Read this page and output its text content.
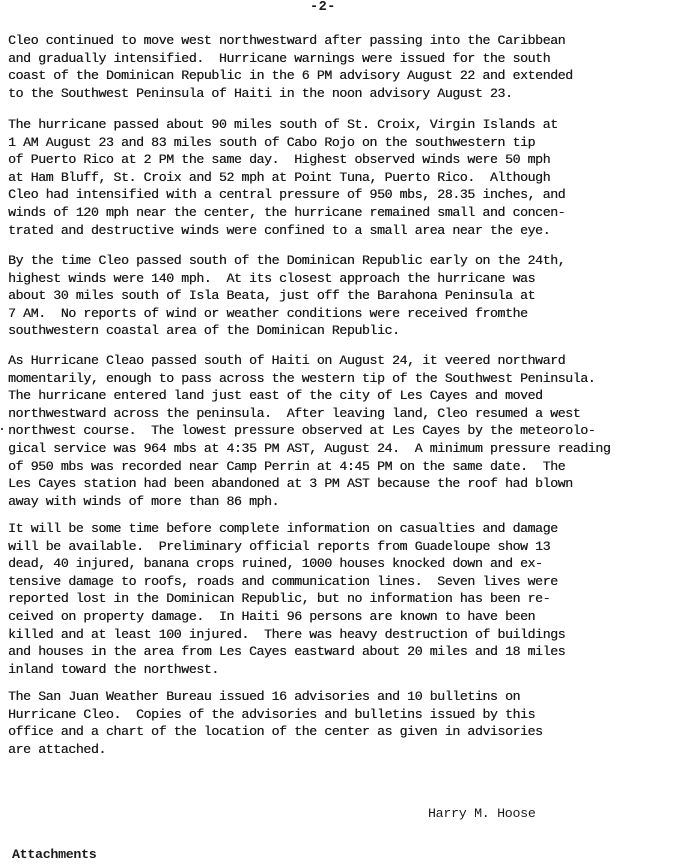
-2-
Cleo continued to move west northwestward after passing into the Caribbean
and gradually intensified.  Hurricane warnings were issued for the south
coast of the Dominican Republic in the 6 PM advisory August 22 and extended
to the Southwest Peninsula of Haiti in the noon advisory August 23.
The hurricane passed about 90 miles south of St. Croix, Virgin Islands at
1 AM August 23 and 83 miles south of Cabo Rojo on the southwestern tip
of Puerto Rico at 2 PM the same day.  Highest observed winds were 50 mph
at Ham Bluff, St. Croix and 52 mph at Point Tuna, Puerto Rico.  Although
Cleo had intensified with a central pressure of 950 mbs, 28.35 inches, and
winds of 120 mph near the center, the hurricane remained small and concen-
trated and destructive winds were confined to a small area near the eye.
By the time Cleo passed south of the Dominican Republic early on the 24th,
highest winds were 140 mph.  At its closest approach the hurricane was
about 30 miles south of Isla Beata, just off the Barahona Peninsula at
7 AM.  No reports of wind or weather conditions were received fromthe
southwestern coastal area of the Dominican Republic.
As Hurricane Cleao passed south of Haiti on August 24, it veered northward
momentarily, enough to pass across the western tip of the Southwest Peninsula.
The hurricane entered land just east of the city of Les Cayes and moved
northwestward across the peninsula.  After leaving land, Cleo resumed a west
northwest course.  The lowest pressure observed at Les Cayes by the meteorolo-
gical service was 964 mbs at 4:35 PM AST, August 24.  A minimum pressure reading
of 950 mbs was recorded near Camp Perrin at 4:45 PM on the same date.  The
Les Cayes station had been abandoned at 3 PM AST because the roof had blown
away with winds of more than 86 mph.
It will be some time before complete information on casualties and damage
will be available.  Preliminary official reports from Guadeloupe show 13
dead, 40 injured, banana crops ruined, 1000 houses knocked down and ex-
tensive damage to roofs, roads and communication lines.  Seven lives were
reported lost in the Dominican Republic, but no information has been re-
ceived on property damage.  In Haiti 96 persons are known to have been
killed and at least 100 injured.  There was heavy destruction of buildings
and houses in the area from Les Cayes eastward about 20 miles and 18 miles
inland toward the northwest.
The San Juan Weather Bureau issued 16 advisories and 10 bulletins on
Hurricane Cleo.  Copies of the advisories and bulletins issued by this
office and a chart of the location of the center as given in advisories
are attached.
Harry M. Hoose
Attachments
